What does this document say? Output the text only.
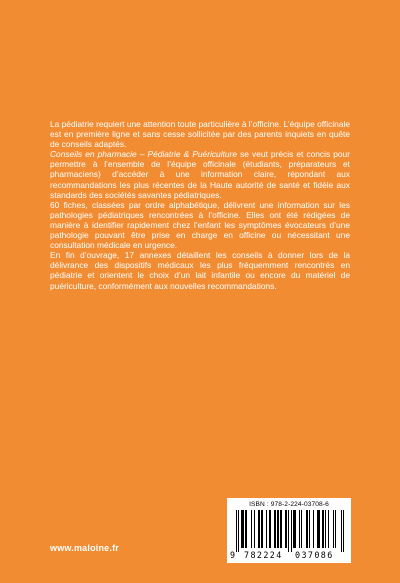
La pédiatrie requiert une attention toute particulière à l’officine. L’équipe officinale est en première ligne et sans cesse sollicitée par des parents inquiets en quête de conseils adaptés.

Conseils en pharmacie – Pédiatrie & Puériculture se veut précis et concis pour permettre à l’ensemble de l’équipe officinale (étudiants, préparateurs et pharmaciens) d’accéder à une information claire, répondant aux recommandations les plus récentes de la Haute autorité de santé et fidèle aux standards des sociétés savantes pédiatriques.

60 fiches, classées par ordre alphabétique, délivrent une information sur les pathologies pédiatriques rencontrées à l’officine. Elles ont été rédigées de manière à identifier rapidement chez l’enfant les symptômes évocateurs d’une pathologie pouvant être prise en charge en officine ou nécessitant une consultation médicale en urgence.

En fin d’ouvrage, 17 annexes détaillent les conseils à donner lors de la délivrance des dispositifs médicaux les plus fréquemment rencontrés en pédiatrie et orientent le choix d’un lait infantile ou encore du matériel de puériculture, conformément aux nouvelles recommandations.

ISBN : 978-2-224-03708-6
9 782224 037086
www.maloine.fr
